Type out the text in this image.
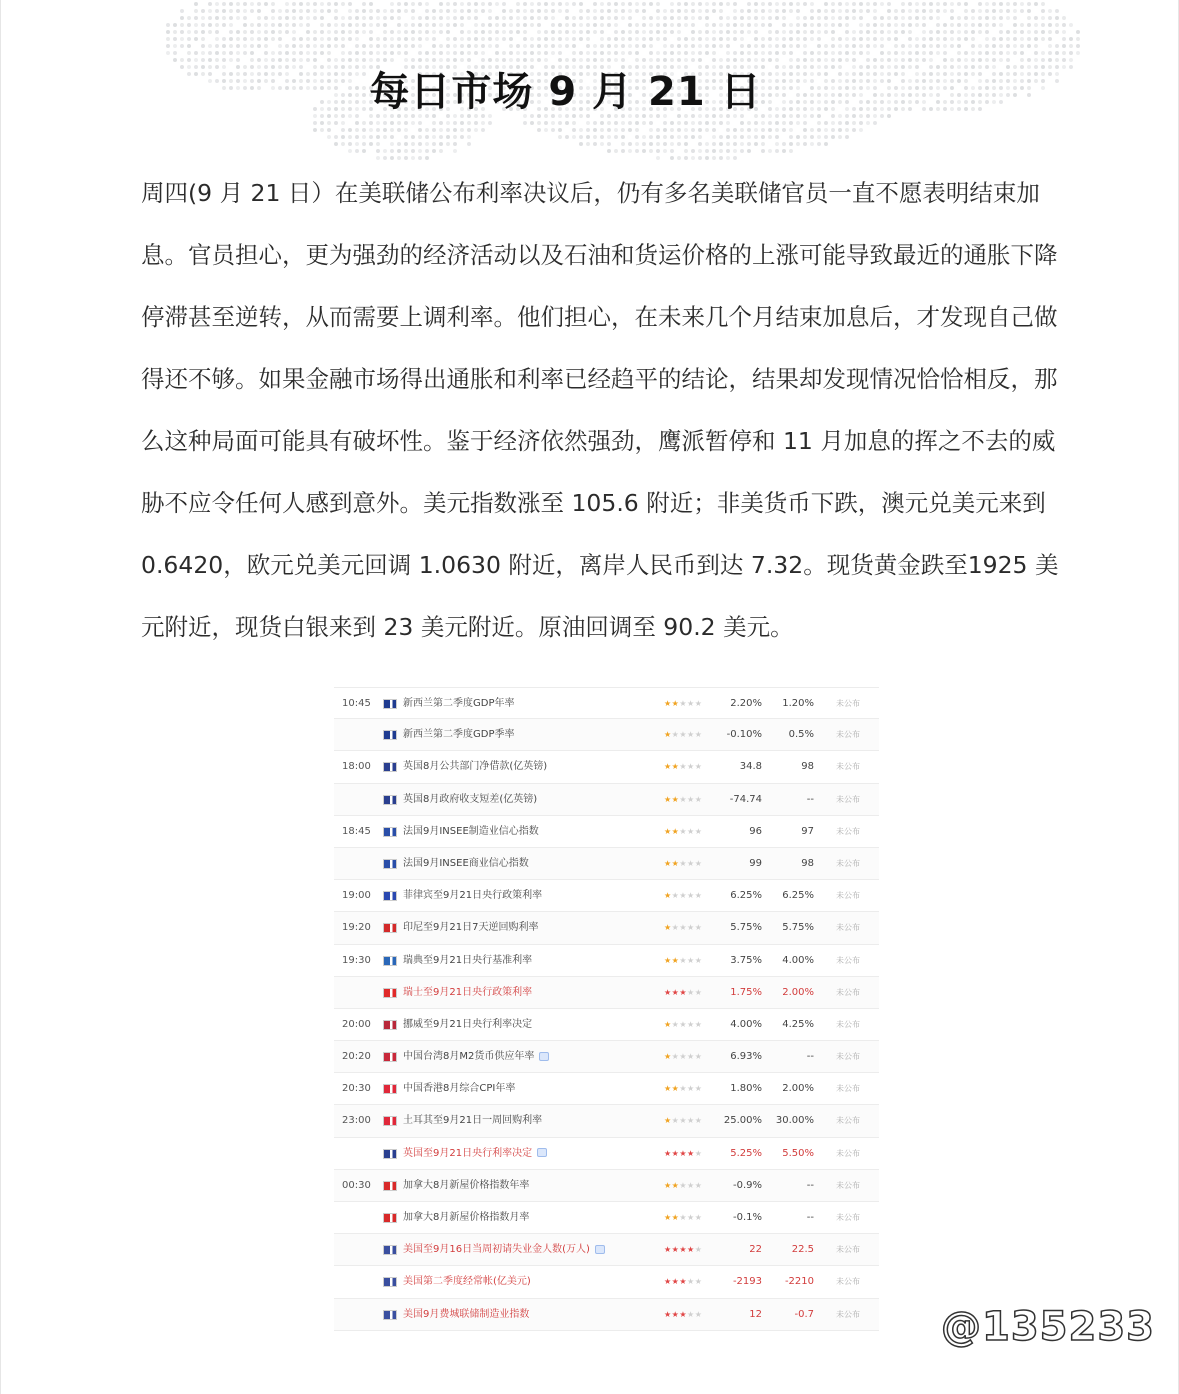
每日市场 9 月 21 日

周四(9 月 21 日）在美联储公布利率决议后，仍有多名美联储官员一直不愿表明结束加息。官员担心，更为强劲的经济活动以及石油和货运价格的上涨可能导致最近的通胀下降停滞甚至逆转，从而需要上调利率。他们担心，在未来几个月结束加息后，才发现自己做得还不够。如果金融市场得出通胀和利率已经趋平的结论，结果却发现情况恰恰相反，那么这种局面可能具有破坏性。鉴于经济依然强劲，鹰派暂停和 11 月加息的挥之不去的威胁不应令任何人感到意外。美元指数涨至 105.6 附近；非美货币下跌，澳元兑美元来到 0.6420，欧元兑美元回调 1.0630 附近，离岸人民币到达 7.32。现货黄金跌至1925 美元附近，现货白银来到 23 美元附近。原油回调至 90.2 美元。

10:45	新西兰第二季度GDP年率	★★★★★	2.20%	1.20%	未公布
新西兰第二季度GDP季率	★★★★★	-0.10%	0.5%	未公布
18:00	英国8月公共部门净借款(亿英镑)	★★★★★	34.8	98	未公布
英国8月政府收支短差(亿英镑)	★★★★★	-74.74	--	未公布
18:45	法国9月INSEE制造业信心指数	★★★★★	96	97	未公布
法国9月INSEE商业信心指数	★★★★★	99	98	未公布
19:00	菲律宾至9月21日央行政策利率	★★★★★	6.25%	6.25%	未公布
19:20	印尼至9月21日7天逆回购利率	★★★★★	5.75%	5.75%	未公布
19:30	瑞典至9月21日央行基准利率	★★★★★	3.75%	4.00%	未公布
瑞士至9月21日央行政策利率	★★★★★	1.75%	2.00%	未公布
20:00	挪威至9月21日央行利率决定	★★★★★	4.00%	4.25%	未公布
20:20	中国台湾8月M2货币供应年率	★★★★★	6.93%	--	未公布
20:30	中国香港8月综合CPI年率	★★★★★	1.80%	2.00%	未公布
23:00	土耳其至9月21日一周回购利率	★★★★★	25.00%	30.00%	未公布
英国至9月21日央行利率决定	★★★★★	5.25%	5.50%	未公布
00:30	加拿大8月新屋价格指数年率	★★★★★	-0.9%	--	未公布
加拿大8月新屋价格指数月率	★★★★★	-0.1%	--	未公布
美国至9月16日当周初请失业金人数(万人)	★★★★★	22	22.5	未公布
美国第二季度经常帐(亿美元)	★★★★★	-2193	-2210	未公布
美国9月费城联储制造业指数	★★★★★	12	-0.7	未公布 @135233
